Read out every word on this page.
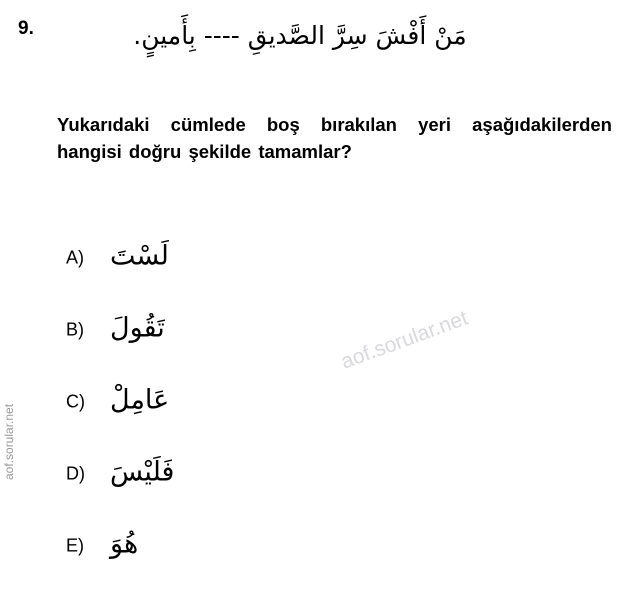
9.	مَنْ أَفْشَ سِرَّ الصَّديقِ ---- بِأَمينٍ.
Yukarıdaki cümlede boş bırakılan yeri aşağıdakilerden hangisi doğru şekilde tamamlar?
A) لَسْتَ
B) تَقُولَ
C) عَامِلْ
D) فَلَيْسَ
E) هُوَ
aof.sorular.net
aof.sorular.net
